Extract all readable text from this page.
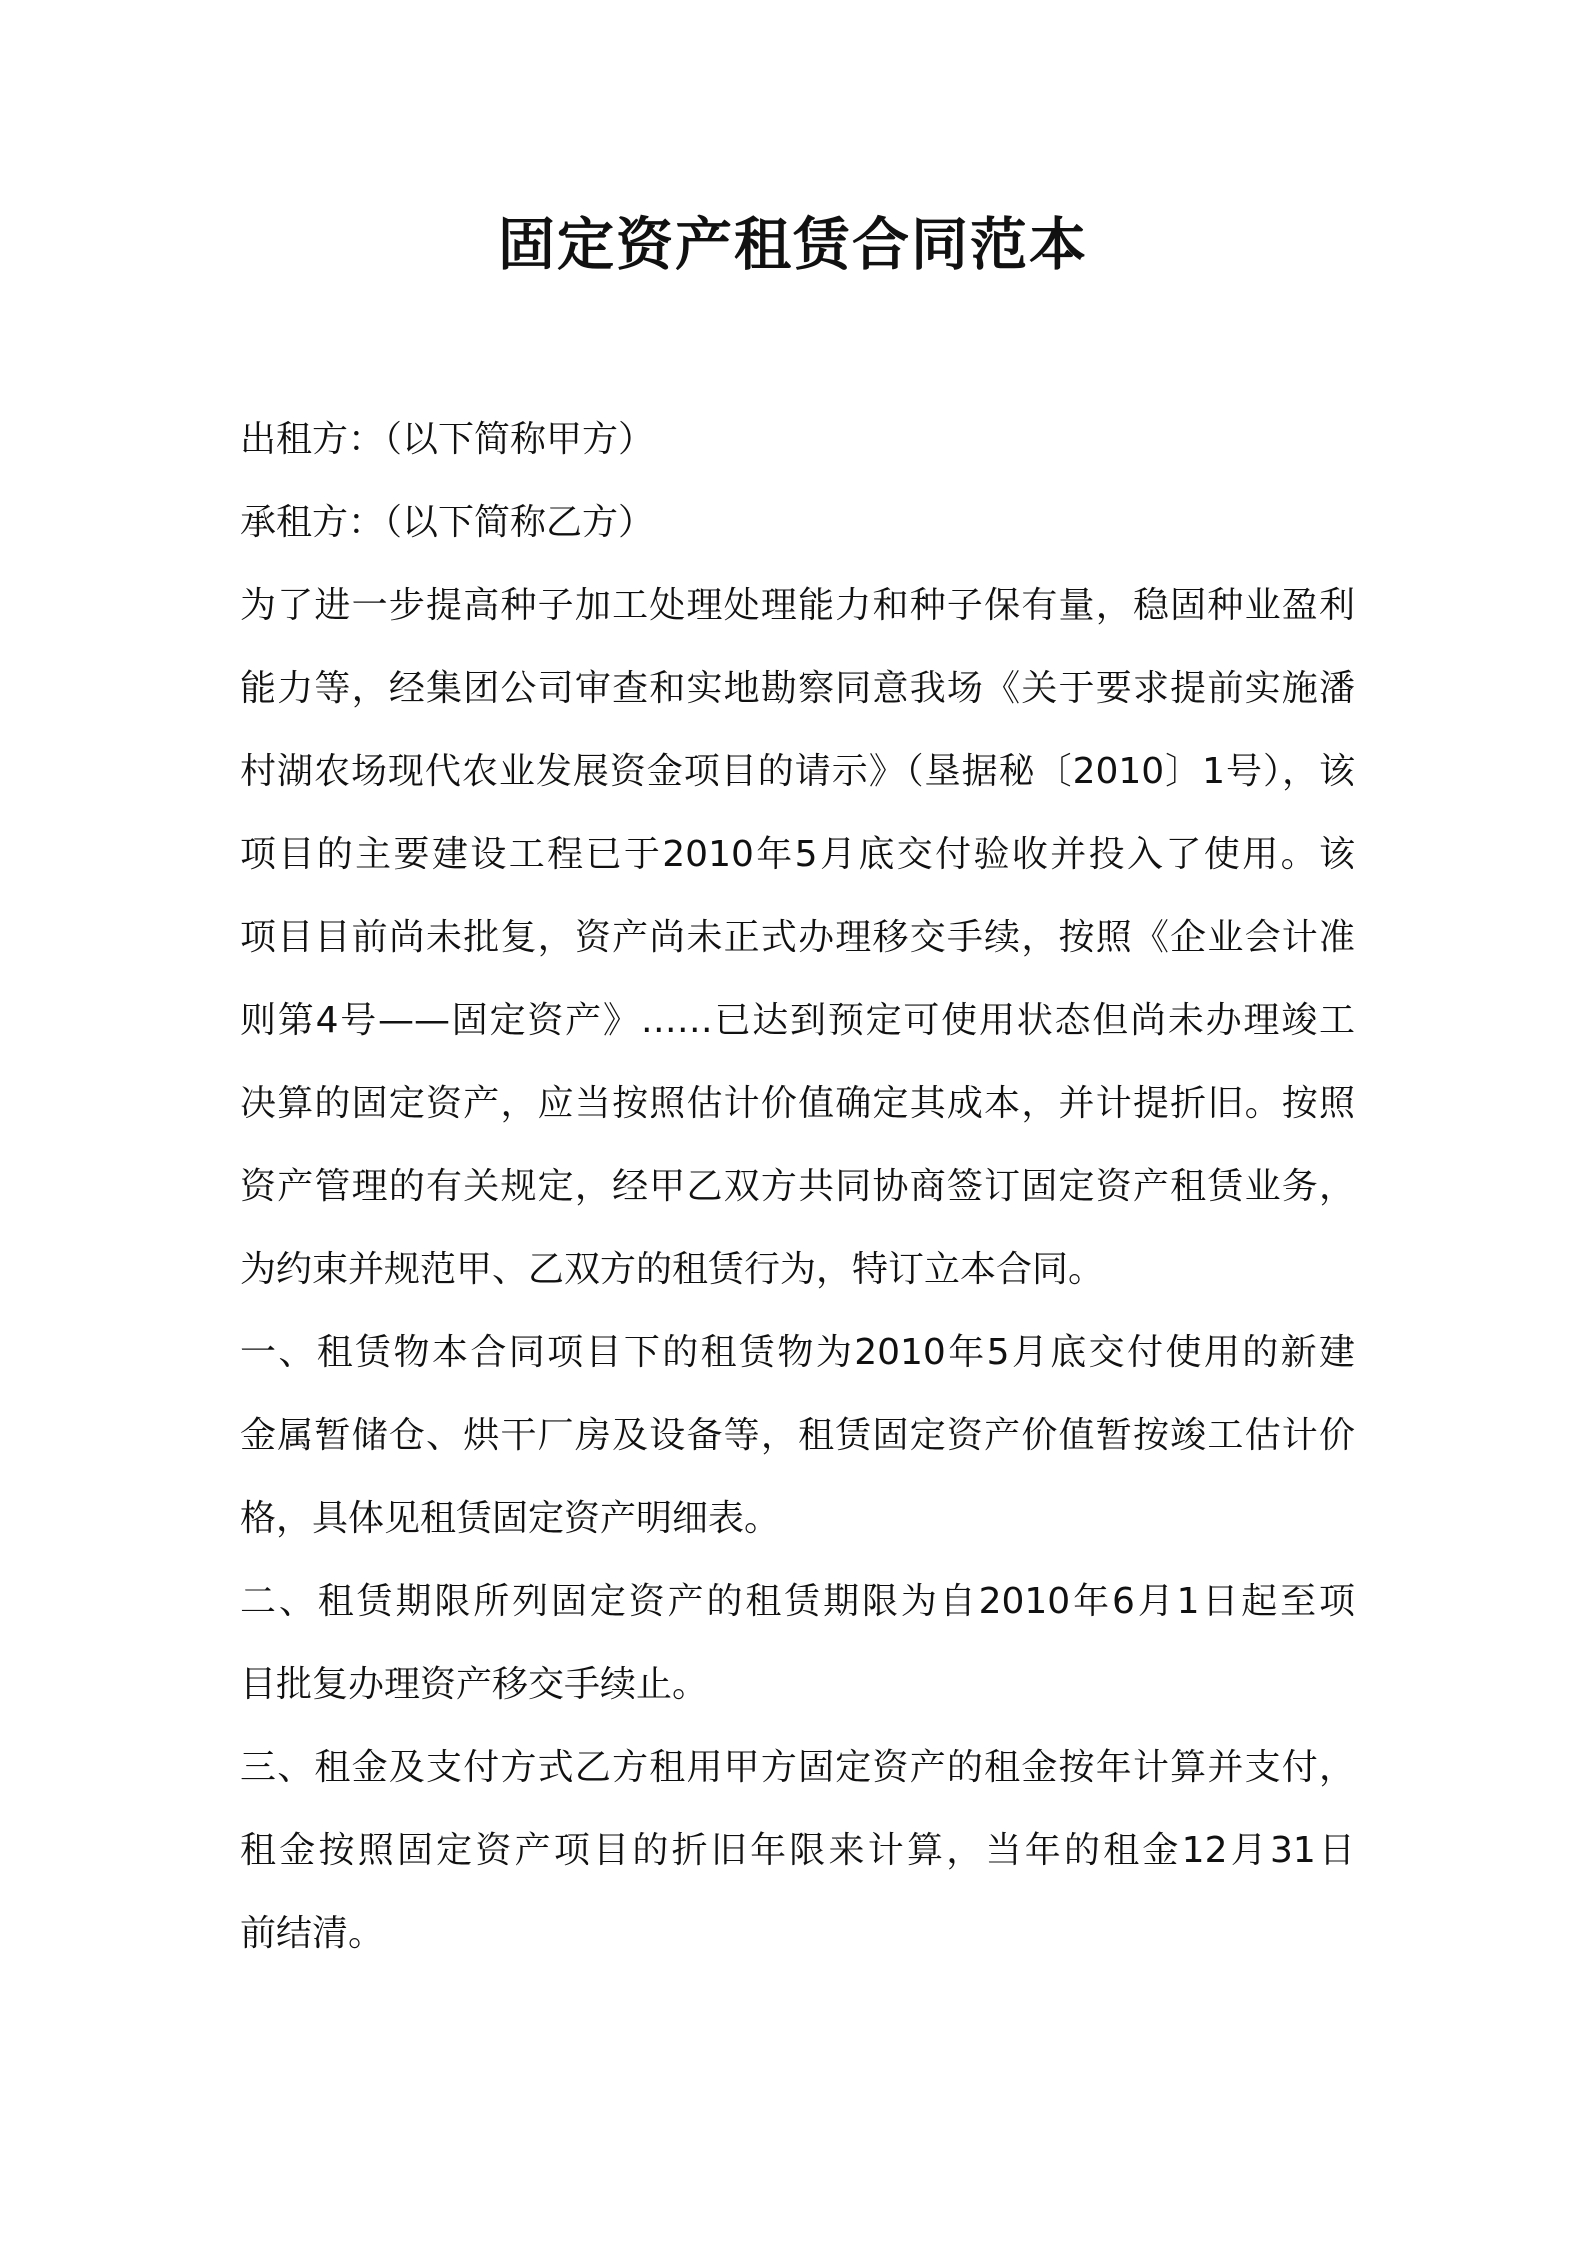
固定资产租赁合同范本
出租方：（以下简称甲方）
承租方：（以下简称乙方）
为了进一步提高种子加工处理处理能力和种子保有量，稳固种业盈利
能力等，经集团公司审查和实地勘察同意我场《关于要求提前实施潘
村湖农场现代农业发展资金项目的请示》（垦据秘〔2010〕1号），该
项目的主要建设工程已于2010年5月底交付验收并投入了使用。该
项目目前尚未批复，资产尚未正式办理移交手续，按照《企业会计准
则第4号——固定资产》……已达到预定可使用状态但尚未办理竣工
决算的固定资产，应当按照估计价值确定其成本，并计提折旧。按照
资产管理的有关规定，经甲乙双方共同协商签订固定资产租赁业务，
为约束并规范甲、乙双方的租赁行为，特订立本合同。
一、租赁物本合同项目下的租赁物为2010年5月底交付使用的新建
金属暂储仓、烘干厂房及设备等，租赁固定资产价值暂按竣工估计价
格，具体见租赁固定资产明细表。
二、租赁期限所列固定资产的租赁期限为自2010年6月1日起至项
目批复办理资产移交手续止。
三、租金及支付方式乙方租用甲方固定资产的租金按年计算并支付，
租金按照固定资产项目的折旧年限来计算，当年的租金12月31日
前结清。
